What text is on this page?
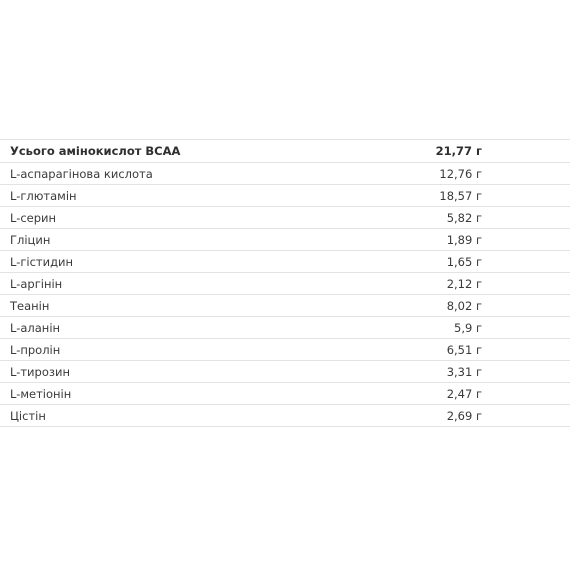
Усього амінокислот BCAA	21,77 г
L-аспарагінова кислота	12,76 г
L-глютамін	18,57 г
L-серин	5,82 г
Гліцин	1,89 г
L-гістидин	1,65 г
L-аргінін	2,12 г
Теанін	8,02 г
L-аланін	5,9 г
L-пролін	6,51 г
L-тирозин	3,31 г
L-метіонін	2,47 г
Цістін	2,69 г
